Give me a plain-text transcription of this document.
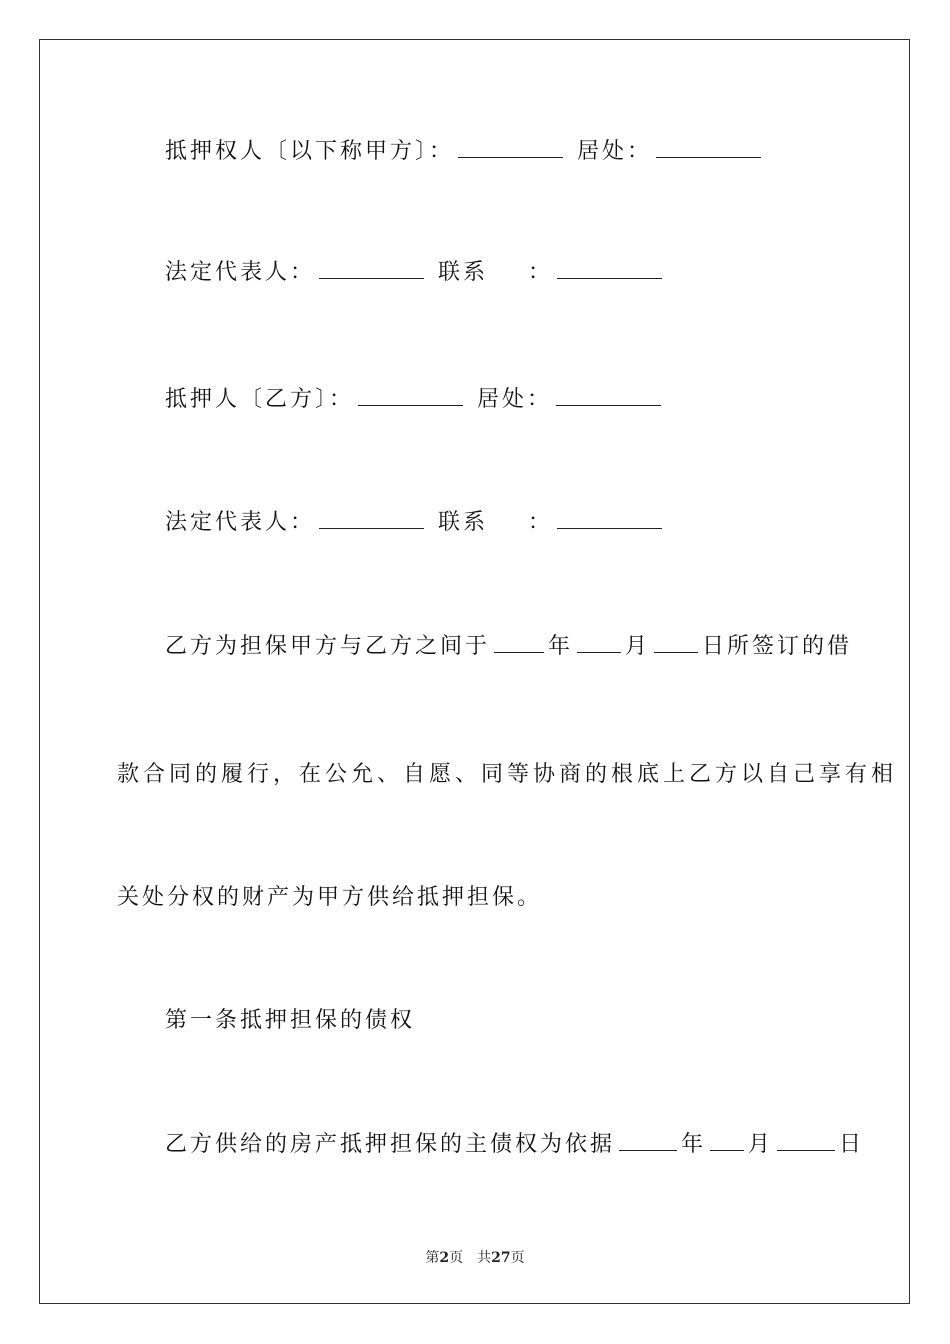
抵押权人〔以下称甲方〕：	居处：
法定代表人：	联系 ：
抵押人〔乙方〕：	居处：
法定代表人：	联系 ：
乙方为担保甲方与乙方之间于	年 月 日所签订的借
款合同的履行，在公允、自愿、同等协商的根底上乙方以自己享有相
关处分权的财产为甲方供给抵押担保。
第一条抵押担保的债权
乙方供给的房产抵押担保的主债权为依据	年 月	日
第2页 共27页
